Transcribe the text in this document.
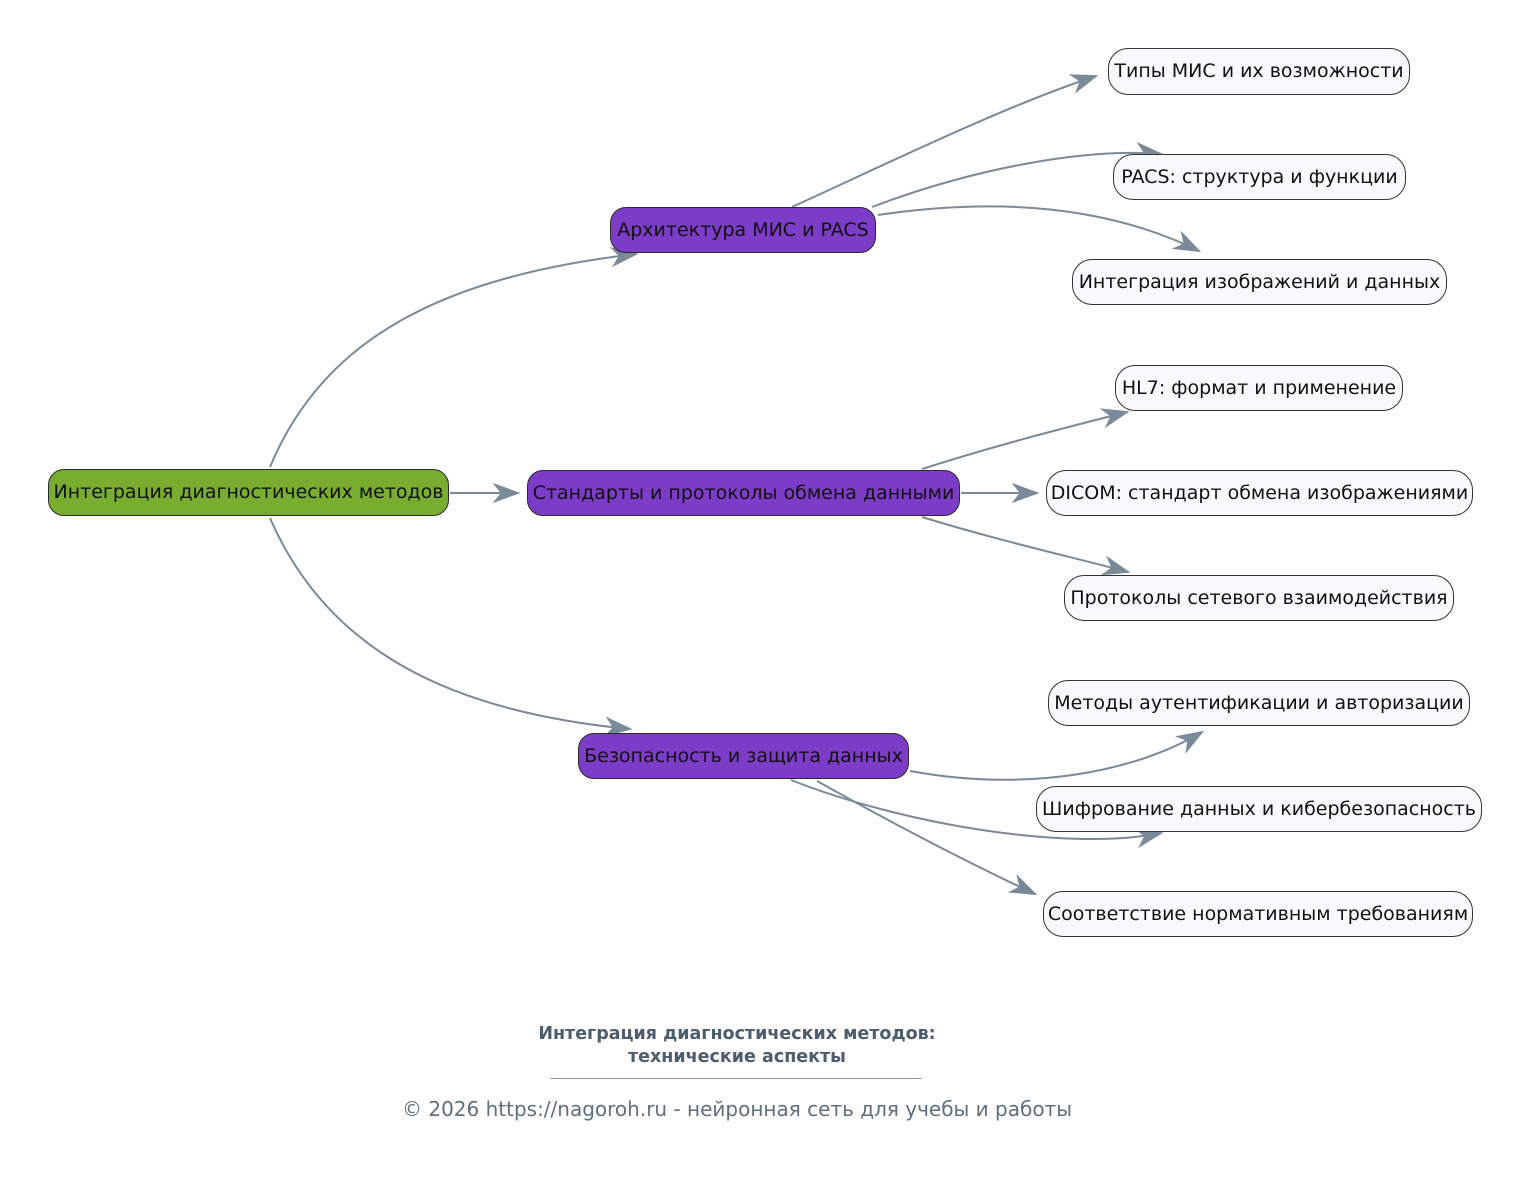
Интеграция диагностических методов
Архитектура МИС и PACS
Стандарты и протоколы обмена данными
Безопасность и защита данных
Типы МИС и их возможности
PACS: структура и функции
Интеграция изображений и данных
HL7: формат и применение
DICOM: стандарт обмена изображениями
Протоколы сетевого взаимодействия
Методы аутентификации и авторизации
Шифрование данных и кибербезопасность
Соответствие нормативным требованиям
Интеграция диагностических методов:
технические аспекты
© 2026 https://nagoroh.ru - нейронная сеть для учебы и работы
